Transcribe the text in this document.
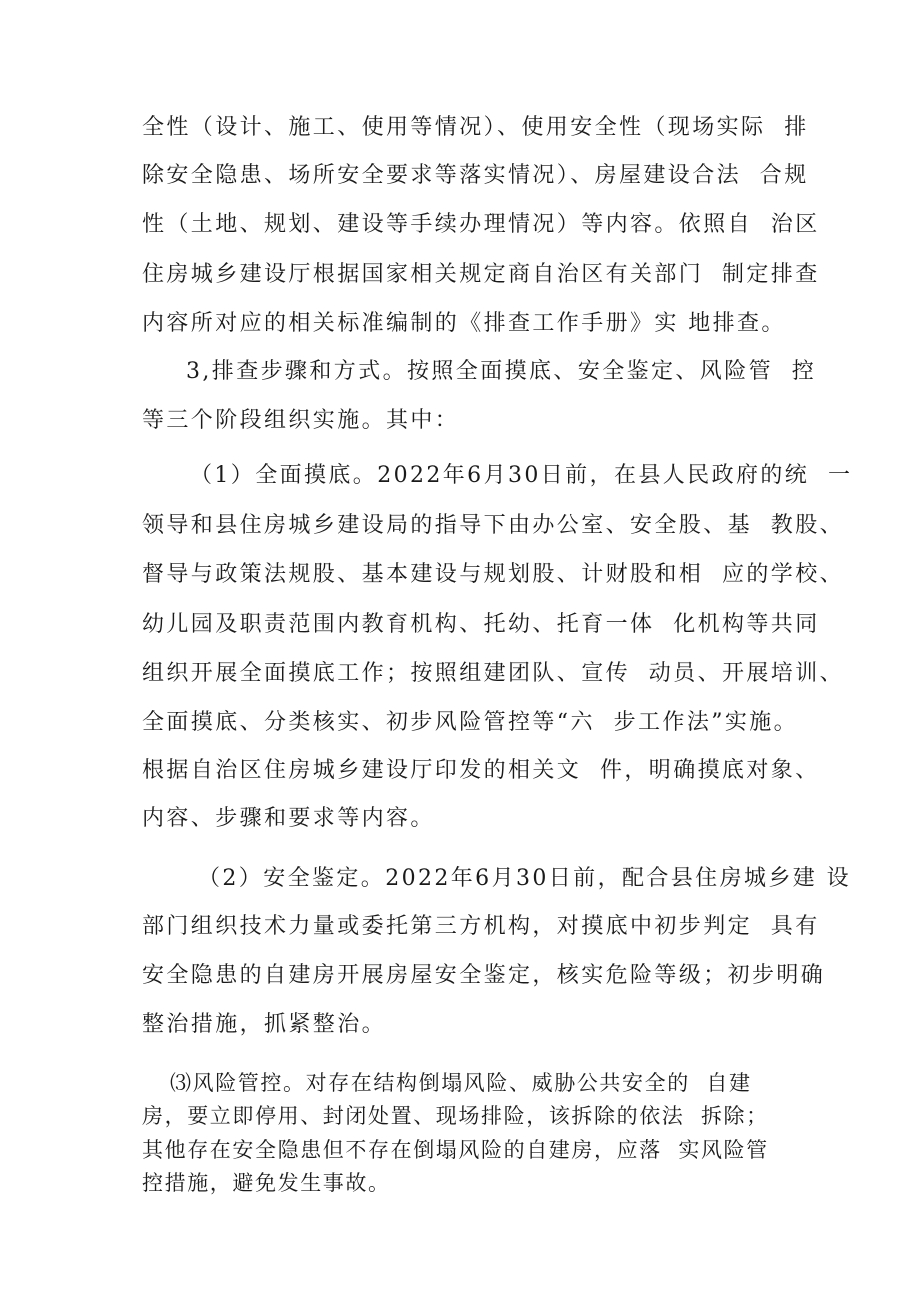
全性（设计、施工、使用等情况）、使用安全性（现场实际  排
除安全隐患、场所安全要求等落实情况）、房屋建设合法  合规
性（土地、规划、建设等手续办理情况）等内容。依照自  治区
住房城乡建设厅根据国家相关规定商自治区有关部门  制定排查
内容所对应的相关标准编制的《排查工作手册》实 地排查。
3,排查步骤和方式。按照全面摸底、安全鉴定、风险管  控
等三个阶段组织实施。其中：
（1）全面摸底。2022年6月30日前，在县人民政府的统  一
领导和县住房城乡建设局的指导下由办公室、安全股、基  教股、
督导与政策法规股、基本建设与规划股、计财股和相  应的学校、
幼儿园及职责范围内教育机构、托幼、托育一体  化机构等共同
组织开展全面摸底工作；按照组建团队、宣传  动员、开展培训、
全面摸底、分类核实、初步风险管控等“六  步工作法”实施。
根据自治区住房城乡建设厅印发的相关文  件，明确摸底对象、
内容、步骤和要求等内容。
（2）安全鉴定。2022年6月30日前，配合县住房城乡建 设
部门组织技术力量或委托第三方机构，对摸底中初步判定  具有
安全隐患的自建房开展房屋安全鉴定，核实危险等级；初步明确
整治措施，抓紧整治。
⑶风险管控。对存在结构倒塌风险、威胁公共安全的  自建
房，要立即停用、封闭处置、现场排险，该拆除的依法  拆除；
其他存在安全隐患但不存在倒塌风险的自建房，应落  实风险管
控措施，避免发生事故。
